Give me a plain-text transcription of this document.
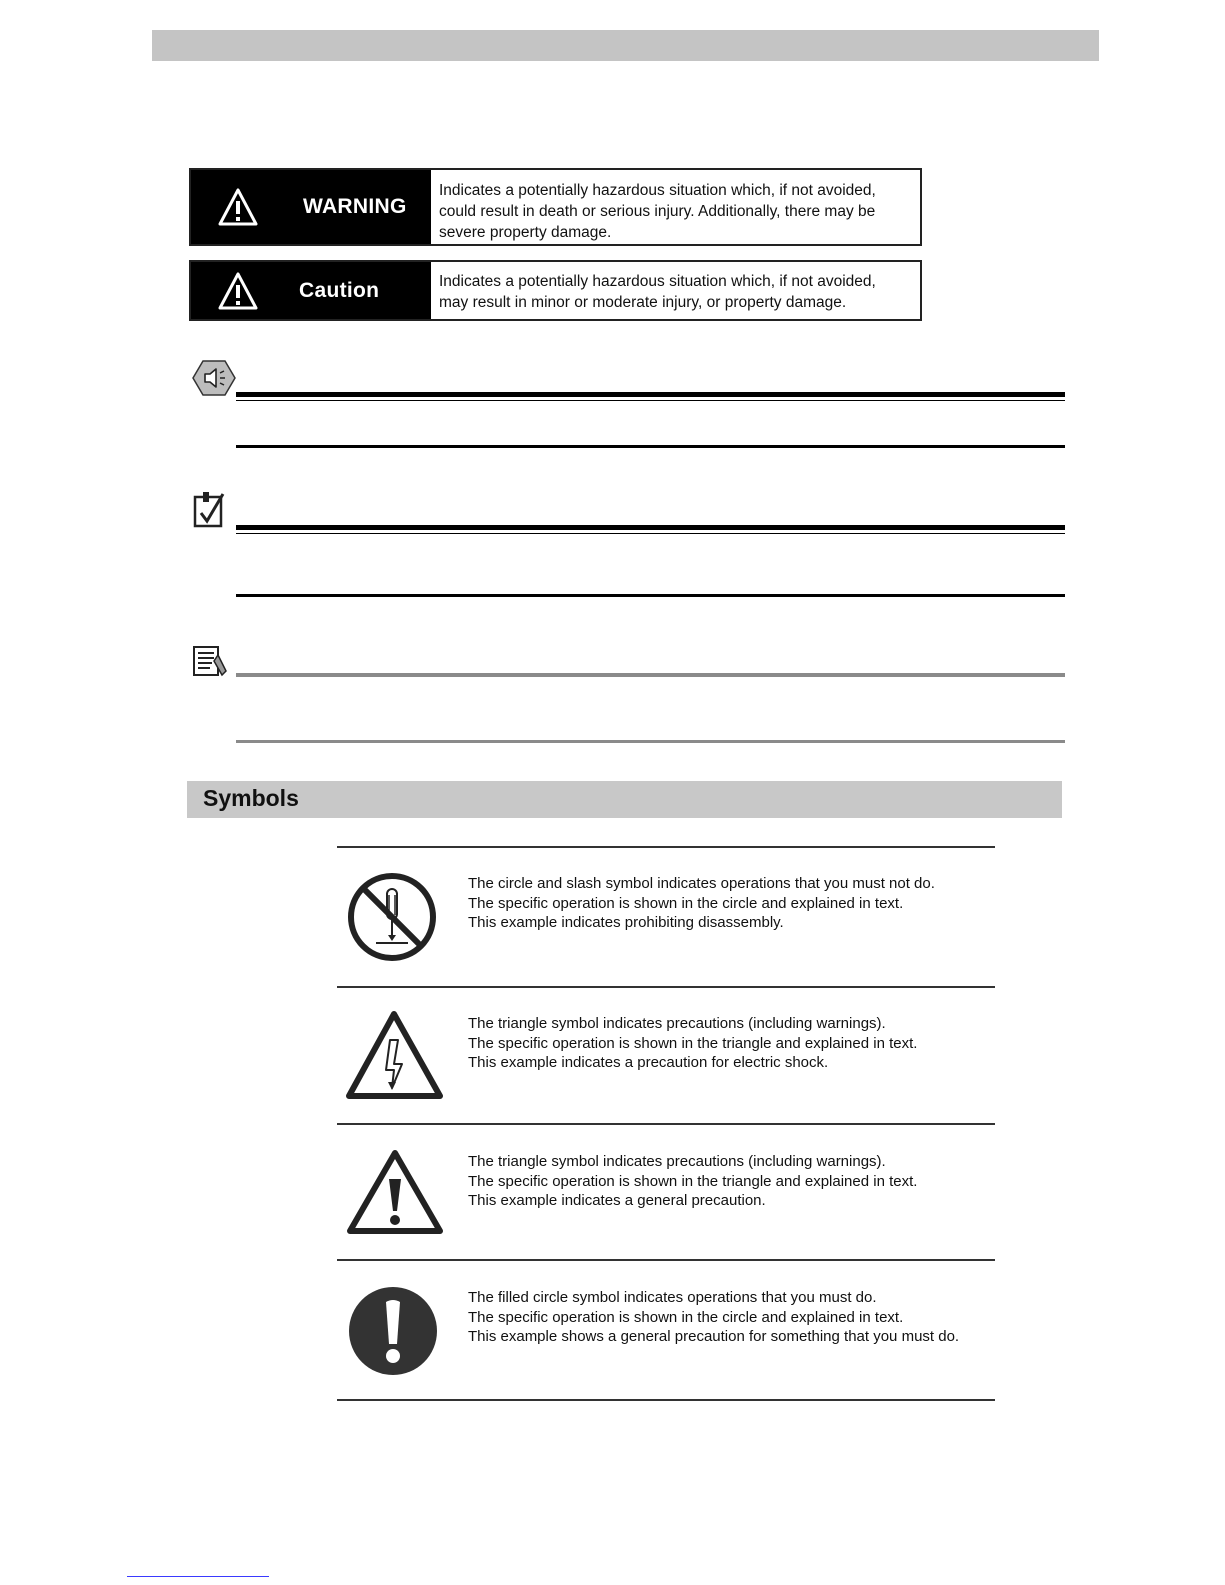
WARNING
Indicates a potentially hazardous situation which, if not avoided,
could result in death or serious injury. Additionally, there may be
severe property damage.
Caution	Indicates a potentially hazardous situation which, if not avoided,
may result in minor or moderate injury, or property damage.
Symbols
The circle and slash symbol indicates operations that you must not do.
The specific operation is shown in the circle and explained in text.
This example indicates prohibiting disassembly.
The triangle symbol indicates precautions (including warnings).
The specific operation is shown in the triangle and explained in text.
This example indicates a precaution for electric shock.
The triangle symbol indicates precautions (including warnings).
The specific operation is shown in the triangle and explained in text.
This example indicates a general precaution.
The filled circle symbol indicates operations that you must do.
The specific operation is shown in the circle and explained in text.
This example shows a general precaution for something that you must do.
